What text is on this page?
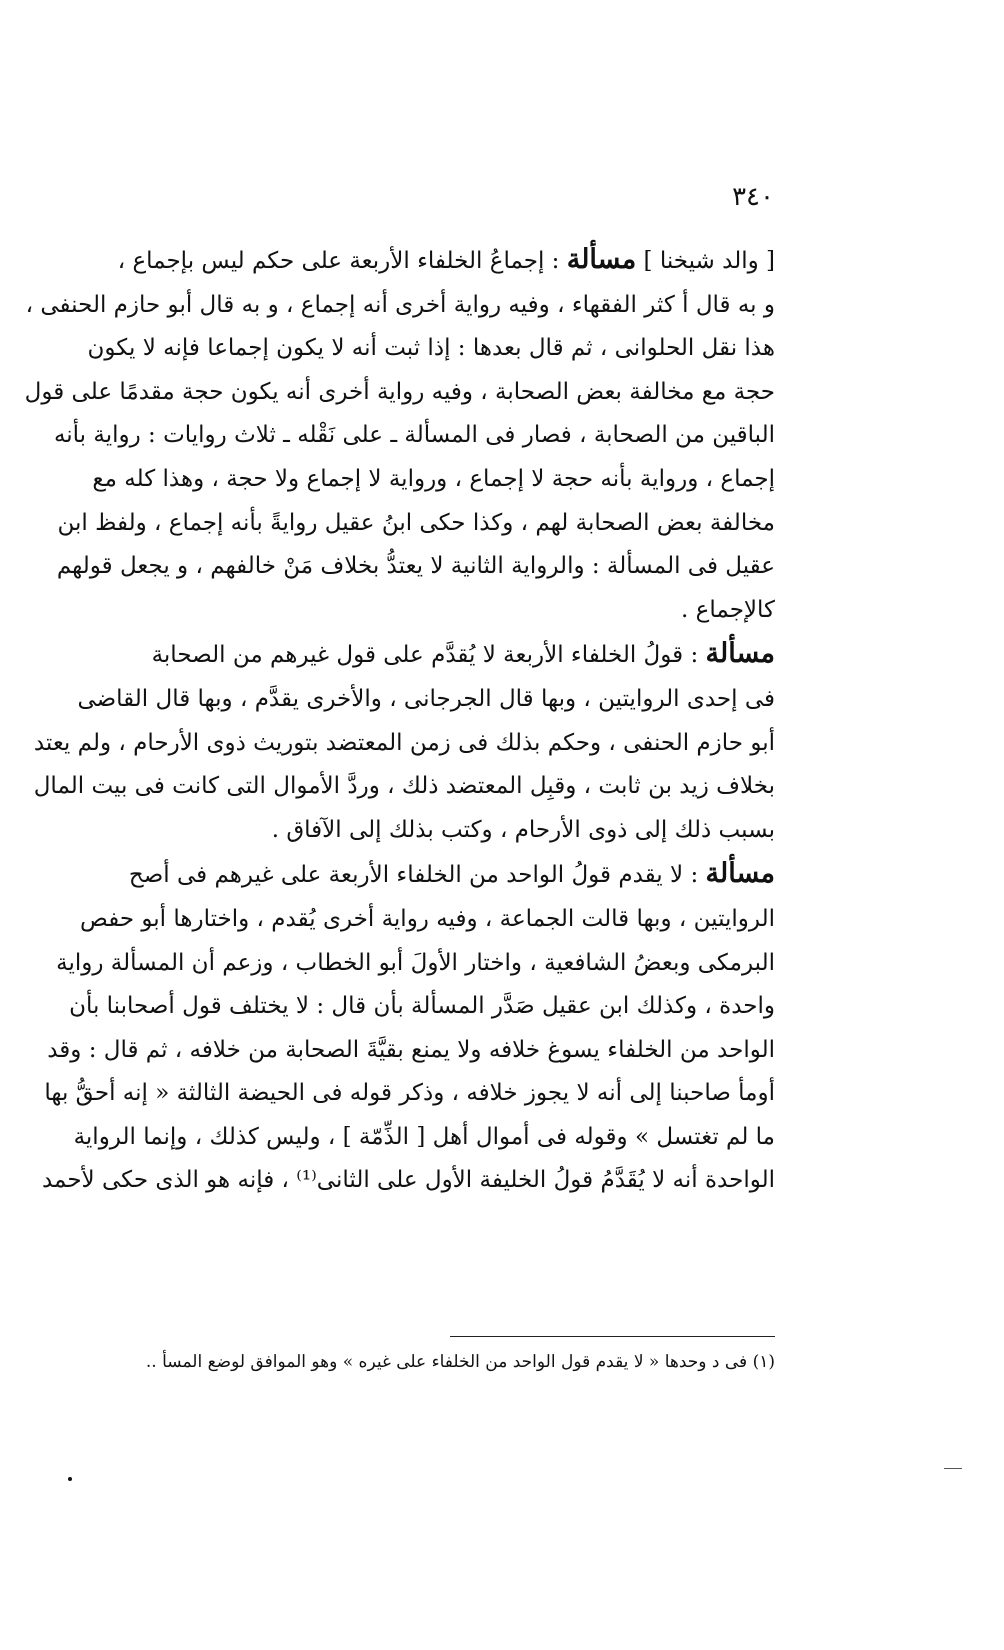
٣٤٠
[ والد شيخنا ] مسألة : إجماعُ الخلفاء الأربعة على حكم ليس بإجماع ،
و به قال أ كثر الفقهاء ، وفيه رواية أخرى أنه إجماع ، و به قال أبو حازم الحنفى ،
هذا نقل الحلوانى ، ثم قال بعدها : إذا ثبت أنه لا يكون إجماعا فإنه لا يكون
حجة مع مخالفة بعض الصحابة ، وفيه رواية أخرى أنه يكون حجة مقدمًا على قول
الباقين من الصحابة ، فصار فى المسألة ـ على نَقْله ـ ثلاث روايات : رواية بأنه
إجماع ، ورواية بأنه حجة لا إجماع ، ورواية لا إجماع ولا حجة ، وهذا كله مع
مخالفة بعض الصحابة لهم ، وكذا حكى ابنُ عقيل روايةً بأنه إجماع ، ولفظ ابن
عقيل فى المسألة : والرواية الثانية لا يعتدُّ بخلاف مَنْ خالفهم ، و يجعل قولهم
كالإجماع .
مسألة : قولُ الخلفاء الأربعة لا يُقدَّم على قول غيرهم من الصحابة
فى إحدى الروايتين ، وبها قال الجرجانى ، والأخرى يقدَّم ، وبها قال القاضى
أبو حازم الحنفى ، وحكم بذلك فى زمن المعتضد بتوريث ذوى الأرحام ، ولم يعتد
بخلاف زيد بن ثابت ، وقبِل المعتضد ذلك ، وردَّ الأموال التى كانت فى بيت المال
بسبب ذلك إلى ذوى الأرحام ، وكتب بذلك إلى الآفاق .
مسألة : لا يقدم قولُ الواحد من الخلفاء الأربعة على غيرهم فى أصح
الروايتين ، وبها قالت الجماعة ، وفيه رواية أخرى يُقدم ، واختارها أبو حفص
البرمكى وبعضُ الشافعية ، واختار الأولَ أبو الخطاب ، وزعم أن المسألة رواية
واحدة ، وكذلك ابن عقيل صَدَّر المسألة بأن قال : لا يختلف قول أصحابنا بأن
الواحد من الخلفاء يسوغ خلافه ولا يمنع بقيَّةَ الصحابة من خلافه ، ثم قال : وقد
أومأ صاحبنا إلى أنه لا يجوز خلافه ، وذكر قوله فى الحيضة الثالثة « إنه أحقُّ بها
ما لم تغتسل » وقوله فى أموال أهل [ الذِّمّة ] ، وليس كذلك ، وإنما الرواية
الواحدة أنه لا يُقَدَّمُ قولُ الخليفة الأول على الثانى⁽¹⁾ ، فإنه هو الذى حكى لأحمد
(١) فى د وحدها « لا يقدم قول الواحد من الخلفاء على غيره » وهو الموافق لوضع المسأ ..
